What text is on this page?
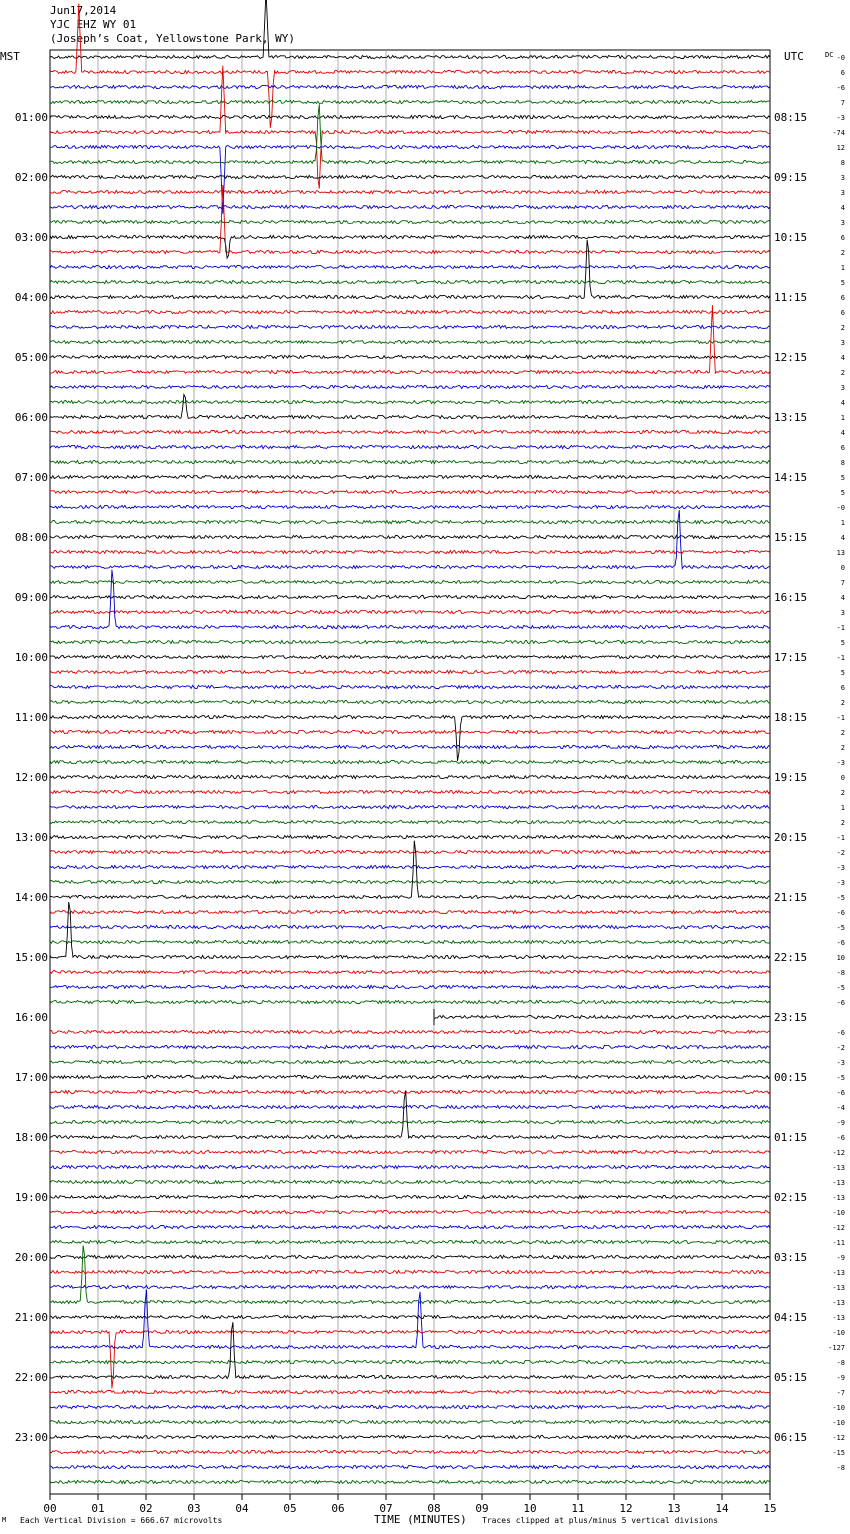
Jun17,2014
YJC EHZ WY 01
(Joseph’s Coat, Yellowstone Park, WY)
M
MST	UTC	DC
TIME (MINUTES)
Each Vertical Division = 666.67 microvolts	Traces clipped at plus/minus 5 vertical divisions
00	01	02	03	04	05	06	07	08	09	10	11	12	13	14	15
-0
6
-6
7
-3
-74
12
8
3
3
4
3
6
2
1
5
6
6
2
3
4
2
3
4
1
4
6
8
5
5
-0
1
4
13
0
7
4
3
-1
5
-1
5
6
2
-1
2
2
-3
0
2
1
2
-1
-2
-3
-3
-5
-6
-5
-6
10
-8
-5
-6
-6
-2
-3
-5
-6
-4
-9
-6
-12
-13
-13
-13
-10
-12
-11
-9
-13
-13
-13
-13
-10
-127
-8
-9
-7
-10
-10
-12
-15
-8
01:00
02:00
03:00
04:00
05:00
06:00
07:00
08:00
09:00
10:00
11:00
12:00
13:00
14:00
15:00
16:00
17:00
18:00
19:00
20:00
21:00
22:00
23:00
08:15
09:15
10:15
11:15
12:15
13:15
14:15
15:15
16:15
17:15
18:15
19:15
20:15
21:15
22:15
23:15
00:15
01:15
02:15
03:15
04:15
05:15
06:15
